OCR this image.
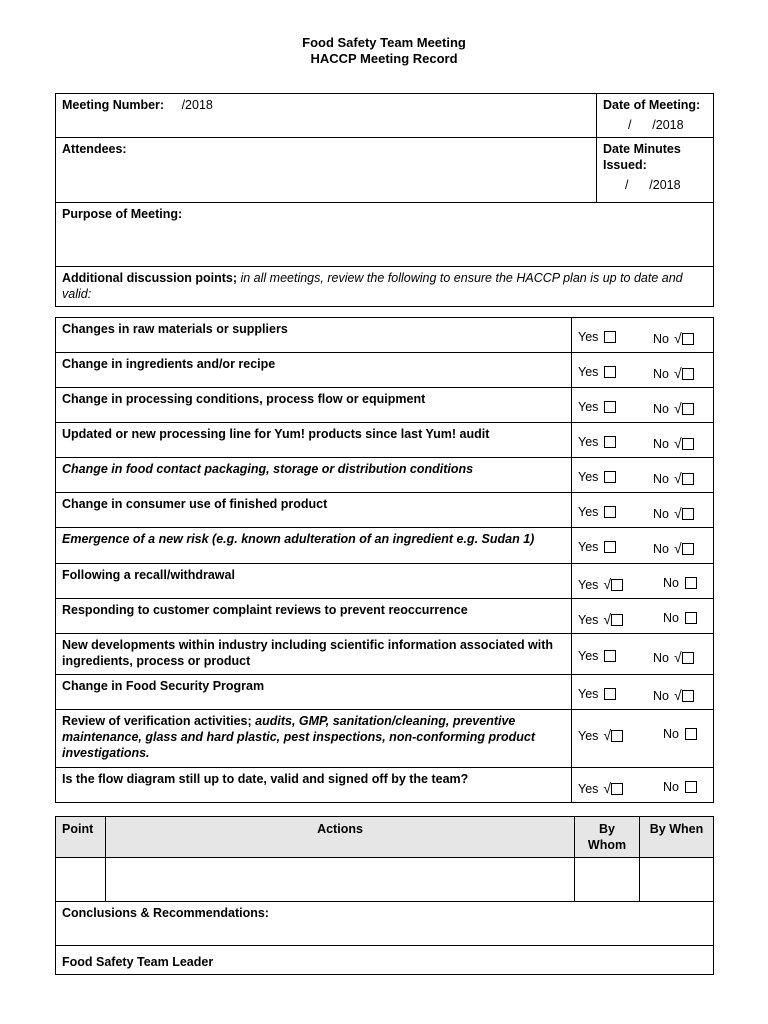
Food Safety Team Meeting
HACCP Meeting Record
Meeting Number: /2018	Date of Meeting:
/      /2018

Attendees:	Date Minutes Issued:
/      /2018

Purpose of Meeting:	
Additional discussion points; in all meetings, review the following to ensure the HACCP plan is up to date and valid:	
Changes in raw materials or suppliers	Yes No √

Change in ingredients and/or recipe	Yes No √

Change in processing conditions, process flow or equipment	Yes No √

Updated or new processing line for Yum! products since last Yum! audit	Yes No √

Change in food contact packaging, storage or distribution conditions	Yes No √

Change in consumer use of finished product	Yes No √

Emergence of a new risk (e.g. known adulteration of an ingredient e.g. Sudan 1)	Yes No √

Following a recall/withdrawal	Yes √ No

Responding to customer complaint reviews to prevent reoccurrence	Yes √ No

New developments within industry including scientific information associated with ingredients, process or product	Yes No √

Change in Food Security Program	Yes No √

Review of verification activities; audits, GMP, sanitation/cleaning, preventive maintenance, glass and hard plastic, pest inspections, non-conforming product investigations.	Yes √ No

Is the flow diagram still up to date, valid and signed off by the team?	Yes √ No
Point	Actions	By Whom	By When

Conclusions & Recommendations:			
Food Safety Team Leader			
